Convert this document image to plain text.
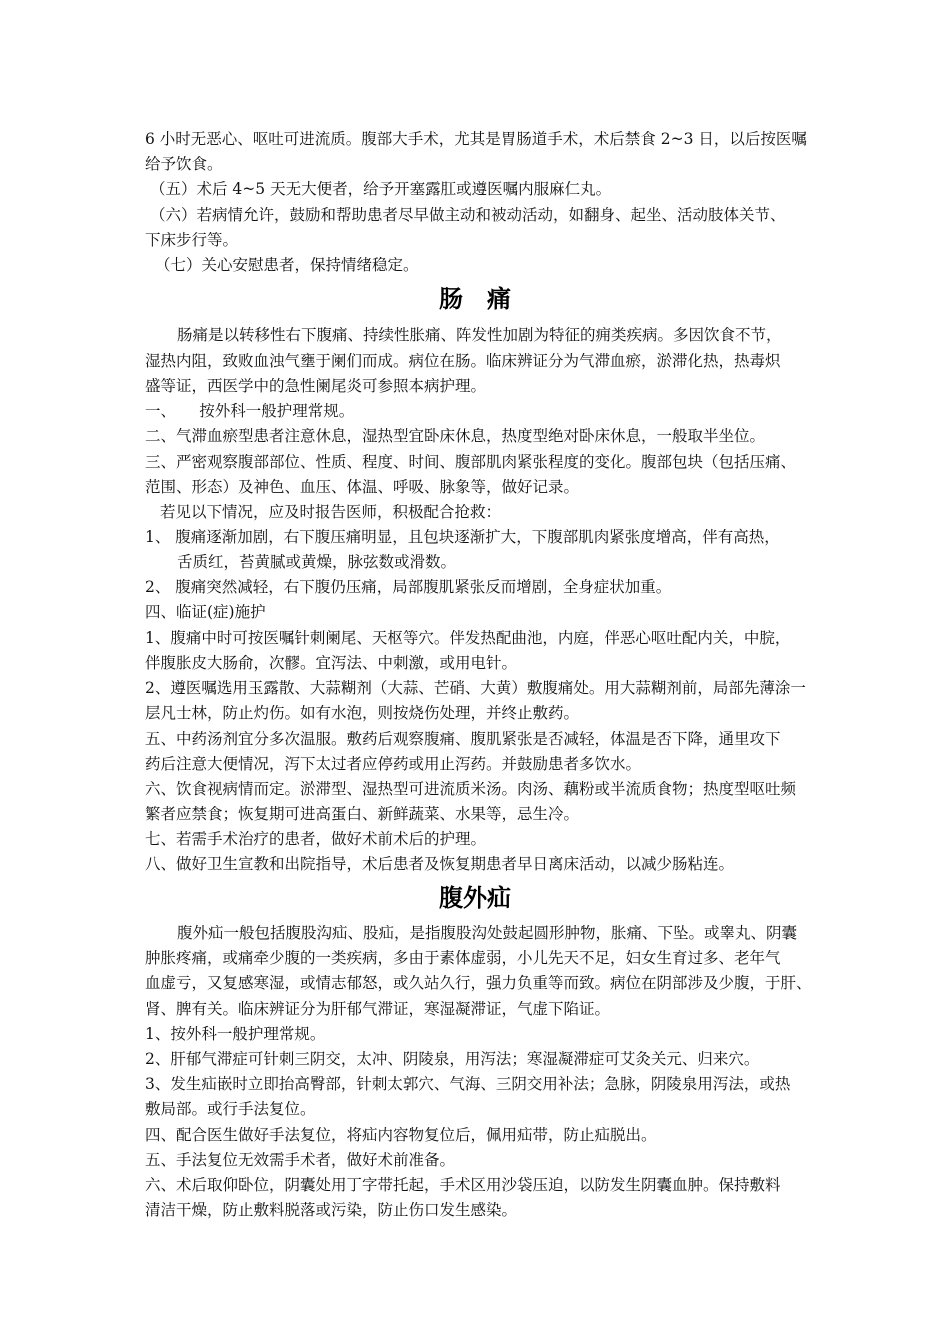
6 小时无恶心、呕吐可进流质。腹部大手术，尤其是胃肠道手术，术后禁食 2~3 日，以后按医嘱
给予饮食。
（五）术后 4~5 天无大便者，给予开塞露肛或遵医嘱内服麻仁丸。
（六）若病情允许，鼓励和帮助患者尽早做主动和被动活动，如翻身、起坐、活动肢体关节、
下床步行等。
（七）关心安慰患者，保持情绪稳定。
肠　痛
肠痛是以转移性右下腹痛、持续性胀痛、阵发性加剧为特征的痈类疾病。多因饮食不节，
湿热内阻，致败血浊气壅于阑们而成。病位在肠。临床辨证分为气滞血瘀，淤滞化热，热毒炽
盛等证，西医学中的急性阑尾炎可参照本病护理。
一、　　按外科一般护理常规。
二、气滞血瘀型患者注意休息，湿热型宜卧床休息，热度型绝对卧床休息，一般取半坐位。
三、严密观察腹部部位、性质、程度、时间、腹部肌肉紧张程度的变化。腹部包块（包括压痛、
范围、形态）及神色、血压、体温、呼吸、脉象等，做好记录。
若见以下情况，应及时报告医师，积极配合抢救：
1、 腹痛逐渐加剧，右下腹压痛明显，且包块逐渐扩大，下腹部肌肉紧张度增高，伴有高热，
舌质红，苔黄腻或黄燥，脉弦数或滑数。
2、 腹痛突然减轻，右下腹仍压痛，局部腹肌紧张反而增剧，全身症状加重。
四、临证(症)施护
1、腹痛中时可按医嘱针刺阑尾、天枢等穴。伴发热配曲池，内庭，伴恶心呕吐配内关，中脘，
伴腹胀皮大肠俞，次髎。宜泻法、中刺激，或用电针。
2、遵医嘱选用玉露散、大蒜糊剂（大蒜、芒硝、大黄）敷腹痛处。用大蒜糊剂前，局部先薄涂一
层凡士林，防止灼伤。如有水泡，则按烧伤处理，并终止敷药。
五、中药汤剂宜分多次温服。敷药后观察腹痛、腹肌紧张是否减轻，体温是否下降，通里攻下
药后注意大便情况，泻下太过者应停药或用止泻药。并鼓励患者多饮水。
六、饮食视病情而定。淤滞型、湿热型可进流质米汤。肉汤、藕粉或半流质食物；热度型呕吐频
繁者应禁食；恢复期可进高蛋白、新鲜蔬菜、水果等，忌生冷。
七、若需手术治疗的患者，做好术前术后的护理。
八、做好卫生宣教和出院指导，术后患者及恢复期患者早日离床活动，以减少肠粘连。
腹外疝
腹外疝一般包括腹股沟疝、股疝，是指腹股沟处鼓起圆形肿物，胀痛、下坠。或睾丸、阴囊
肿胀疼痛，或痛牵少腹的一类疾病，多由于素体虚弱，小儿先天不足，妇女生育过多、老年气
血虚亏，又复感寒湿，或情志郁怒，或久站久行，强力负重等而致。病位在阴部涉及少腹，于肝、
肾、脾有关。临床辨证分为肝郁气滞证，寒湿凝滞证，气虚下陷证。
1、按外科一般护理常规。
2、肝郁气滞症可针刺三阴交，太冲、阴陵泉，用泻法；寒湿凝滞症可艾灸关元、归来穴。
3、发生疝嵌时立即抬高臀部，针刺太郭穴、气海、三阴交用补法；急脉，阴陵泉用泻法，或热
敷局部。或行手法复位。
四、配合医生做好手法复位，将疝内容物复位后，佩用疝带，防止疝脱出。
五、手法复位无效需手术者，做好术前准备。
六、术后取仰卧位，阴囊处用丁字带托起，手术区用沙袋压迫，以防发生阴囊血肿。保持敷料
清洁干燥，防止敷料脱落或污染，防止伤口发生感染。
